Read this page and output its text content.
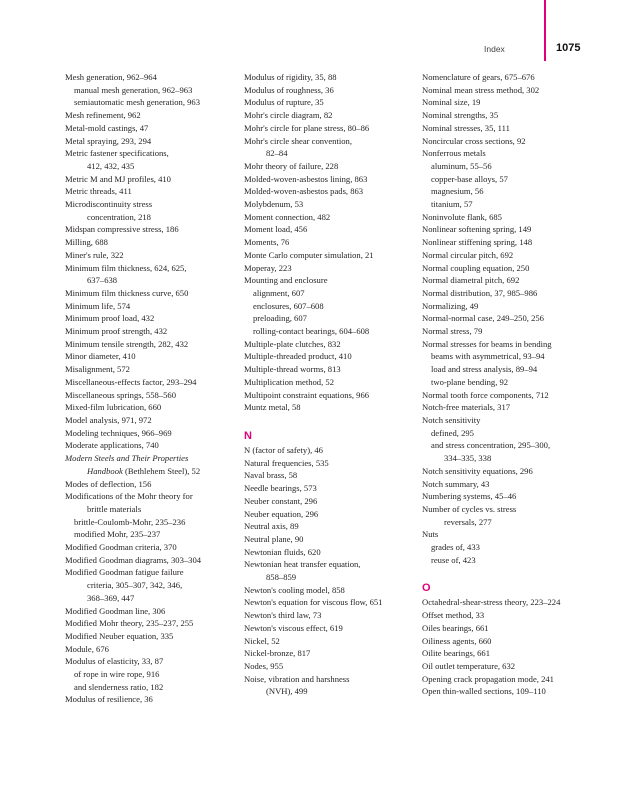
Index	1075
Mesh generation, 962–964
manual mesh generation, 962–963
semiautomatic mesh generation, 963
Mesh refinement, 962
Metal-mold castings, 47
Metal spraying, 293, 294
Metric fastener specifications,
412, 432, 435
Metric M and MJ profiles, 410
Metric threads, 411
Microdiscontinuity stress
concentration, 218
Midspan compressive stress, 186
Milling, 688
Miner's rule, 322
Minimum film thickness, 624, 625,
637–638
Minimum film thickness curve, 650
Minimum life, 574
Minimum proof load, 432
Minimum proof strength, 432
Minimum tensile strength, 282, 432
Minor diameter, 410
Misalignment, 572
Miscellaneous-effects factor, 293–294
Miscellaneous springs, 558–560
Mixed-film lubrication, 660
Model analysis, 971, 972
Modeling techniques, 966–969
Moderate applications, 740
Modern Steels and Their Properties
Handbook (Bethlehem Steel), 52
Modes of deflection, 156
Modifications of the Mohr theory for
brittle materials
brittle-Coulomb-Mohr, 235–236
modified Mohr, 235–237
Modified Goodman criteria, 370
Modified Goodman diagrams, 303–304
Modified Goodman fatigue failure
criteria, 305–307, 342, 346,
368–369, 447
Modified Goodman line, 306
Modified Mohr theory, 235–237, 255
Modified Neuber equation, 335
Module, 676
Modulus of elasticity, 33, 87
of rope in wire rope, 916
and slenderness ratio, 182
Modulus of resilience, 36
Modulus of rigidity, 35, 88
Modulus of roughness, 36
Modulus of rupture, 35
Mohr's circle diagram, 82
Mohr's circle for plane stress, 80–86
Mohr's circle shear convention,
82–84
Mohr theory of failure, 228
Molded-woven-asbestos lining, 863
Molded-woven-asbestos pads, 863
Molybdenum, 53
Moment connection, 482
Moment load, 456
Moments, 76
Monte Carlo computer simulation, 21
Moperay, 223
Mounting and enclosure
alignment, 607
enclosures, 607–608
preloading, 607
rolling-contact bearings, 604–608
Multiple-plate clutches, 832
Multiple-threaded product, 410
Multiple-thread worms, 813
Multiplication method, 52
Multipoint constraint equations, 966
Muntz metal, 58
N
N (factor of safety), 46
Natural frequencies, 535
Naval brass, 58
Needle bearings, 573
Neuber constant, 296
Neuber equation, 296
Neutral axis, 89
Neutral plane, 90
Newtonian fluids, 620
Newtonian heat transfer equation,
858–859
Newton's cooling model, 858
Newton's equation for viscous flow, 651
Newton's third law, 73
Newton's viscous effect, 619
Nickel, 52
Nickel-bronze, 817
Nodes, 955
Noise, vibration and harshness
(NVH), 499
Nomenclature of gears, 675–676
Nominal mean stress method, 302
Nominal size, 19
Nominal strengths, 35
Nominal stresses, 35, 111
Noncircular cross sections, 92
Nonferrous metals
aluminum, 55–56
copper-base alloys, 57
magnesium, 56
titanium, 57
Noninvolute flank, 685
Nonlinear softening spring, 149
Nonlinear stiffening spring, 148
Normal circular pitch, 692
Normal coupling equation, 250
Normal diametral pitch, 692
Normal distribution, 37, 985–986
Normalizing, 49
Normal-normal case, 249–250, 256
Normal stress, 79
Normal stresses for beams in bending
beams with asymmetrical, 93–94
load and stress analysis, 89–94
two-plane bending, 92
Normal tooth force components, 712
Notch-free materials, 317
Notch sensitivity
defined, 295
and stress concentration, 295–300,
334–335, 338
Notch sensitivity equations, 296
Notch summary, 43
Numbering systems, 45–46
Number of cycles vs. stress
reversals, 277
Nuts
grades of, 433
reuse of, 423
O
Octahedral-shear-stress theory, 223–224
Offset method, 33
Oiles bearings, 661
Oiliness agents, 660
Oilite bearings, 661
Oil outlet temperature, 632
Opening crack propagation mode, 241
Open thin-walled sections, 109–110
